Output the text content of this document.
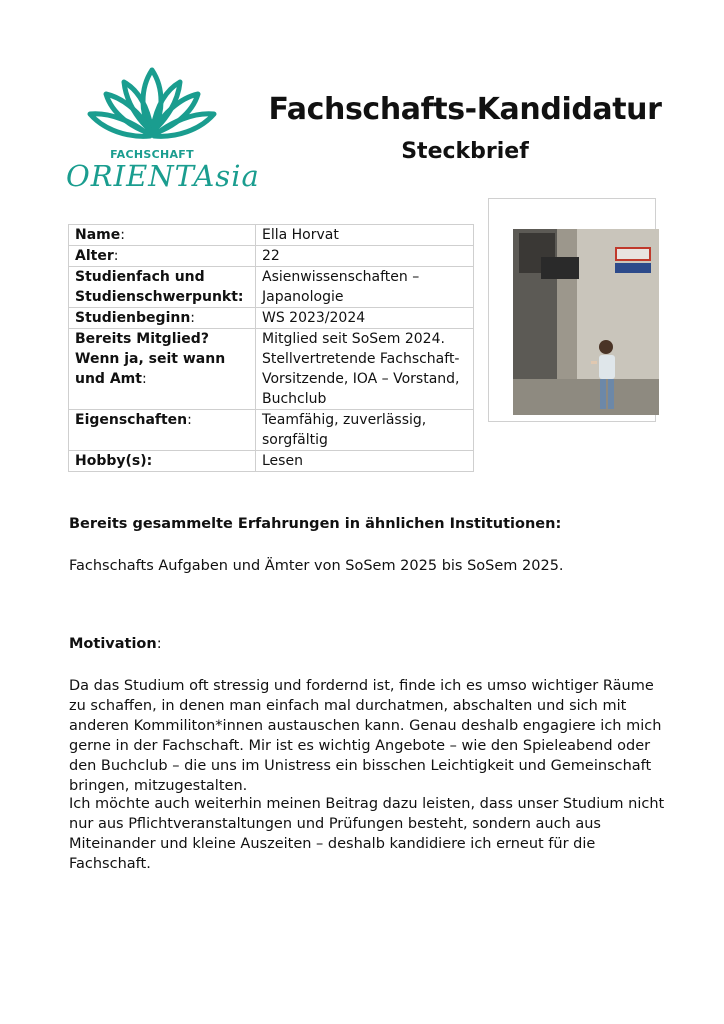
FACHSCHAFT
ORIENTAsia
Fachschafts-Kandidatur
Steckbrief
Name:	Ella Horvat
Alter:	22
Studienfach und Studienschwerpunkt:	Asienwissenschaften – Japanologie
Studienbeginn:	WS 2023/2024
Bereits Mitglied? Wenn ja, seit wann und Amt:	Mitglied seit SoSem 2024. Stellvertretende Fachschaft-Vorsitzende, IOA – Vorstand, Buchclub
Eigenschaften:	Teamfähig, zuverlässig, sorgfältig
Hobby(s):	Lesen
Bereits gesammelte Erfahrungen in ähnlichen Institutionen:
Fachschafts Aufgaben und Ämter von SoSem 2025 bis SoSem 2025.
Motivation:
Da das Studium oft stressig und fordernd ist, finde ich es umso wichtiger Räume zu schaffen, in denen man einfach mal durchatmen, abschalten und sich mit anderen Kommiliton*innen austauschen kann. Genau deshalb engagiere ich mich gerne in der Fachschaft. Mir ist es wichtig Angebote – wie den Spieleabend oder den Buchclub – die uns im Unistress ein bisschen Leichtigkeit und Gemeinschaft bringen, mitzugestalten.
Ich möchte auch weiterhin meinen Beitrag dazu leisten, dass unser Studium nicht nur aus Pflichtveranstaltungen und Prüfungen besteht, sondern auch aus Miteinander und kleine Auszeiten – deshalb kandidiere ich erneut für die Fachschaft.
